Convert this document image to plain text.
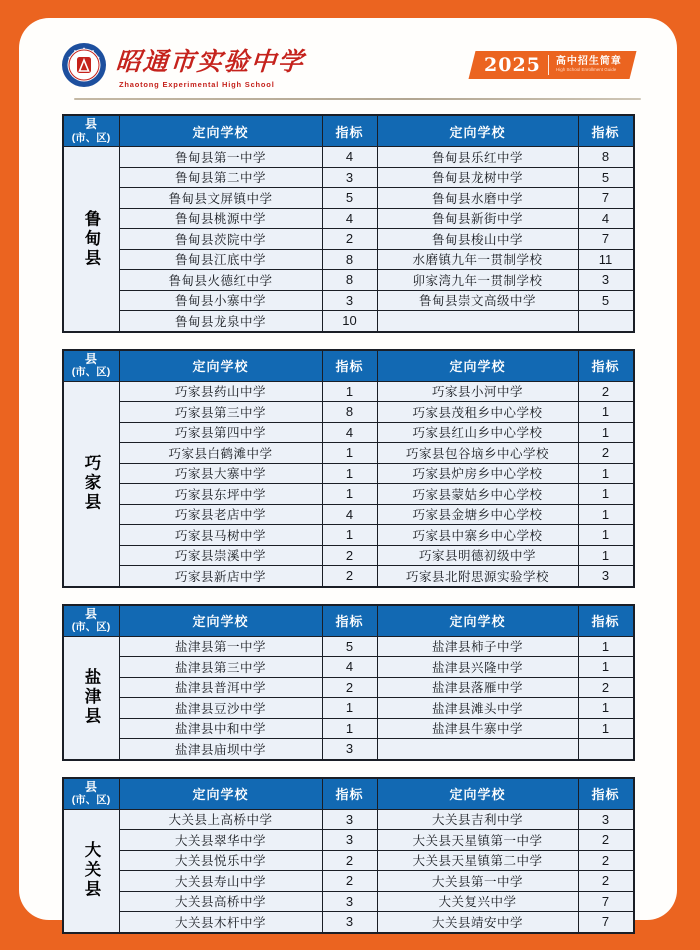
昭通市实验中学
Zhaotong Experimental High School
2025 高中招生简章
High School Enrollment Guide
县
(市、区)	定向学校	指标	定向学校	指标
鲁甸县
鲁甸县第一中学	4	鲁甸县乐红中学	8
鲁甸县第二中学	3	鲁甸县龙树中学	5
鲁甸县文屏镇中学	5	鲁甸县水磨中学	7
鲁甸县桃源中学	4	鲁甸县新街中学	4
鲁甸县茨院中学	2	鲁甸县梭山中学	7
鲁甸县江底中学	8	水磨镇九年一贯制学校	11
鲁甸县火德红中学	8	卯家湾九年一贯制学校	3
鲁甸县小寨中学	3	鲁甸县崇文高级中学	5
鲁甸县龙泉中学	10
县
(市、区)	定向学校	指标	定向学校	指标
巧家县
巧家县药山中学	1	巧家县小河中学	2
巧家县第三中学	8	巧家县茂租乡中心学校	1
巧家县第四中学	4	巧家县红山乡中心学校	1
巧家县白鹤滩中学	1	巧家县包谷垴乡中心学校	2
巧家县大寨中学	1	巧家县炉房乡中心学校	1
巧家县东坪中学	1	巧家县蒙姑乡中心学校	1
巧家县老店中学	4	巧家县金塘乡中心学校	1
巧家县马树中学	1	巧家县中寨乡中心学校	1
巧家县崇溪中学	2	巧家县明德初级中学	1
巧家县新店中学	2	巧家县北附思源实验学校	3
县
(市、区)	定向学校	指标	定向学校	指标
盐津县
盐津县第一中学	5	盐津县柿子中学	1
盐津县第三中学	4	盐津县兴隆中学	1
盐津县普洱中学	2	盐津县落雁中学	2
盐津县豆沙中学	1	盐津县滩头中学	1
盐津县中和中学	1	盐津县牛寨中学	1
盐津县庙坝中学	3
县
(市、区)	定向学校	指标	定向学校	指标
大关县
大关县上高桥中学	3	大关县吉利中学	3
大关县翠华中学	3	大关县天星镇第一中学	2
大关县悦乐中学	2	大关县天星镇第二中学	2
大关县寿山中学	2	大关县第一中学	2
大关县高桥中学	3	大关复兴中学	7
大关县木杆中学	3	大关县靖安中学	7
